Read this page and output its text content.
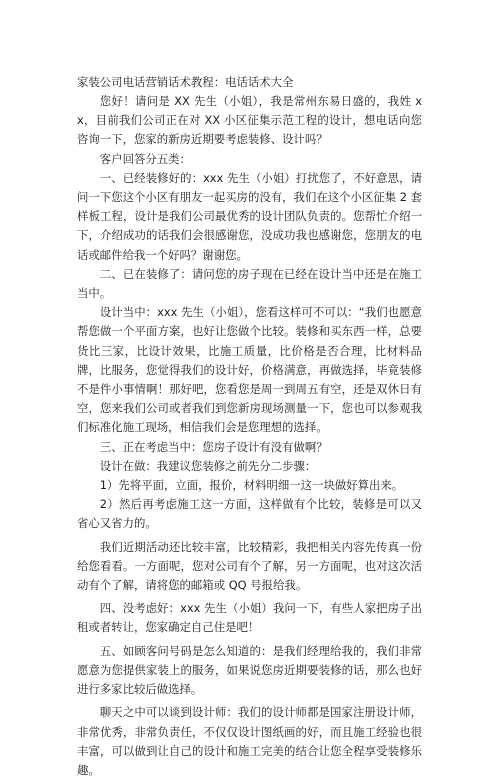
家装公司电话营销话术教程：电话话术大全

您好！请问是 XX 先生（小姐），我是常州东易日盛的，我姓 xx，目前我们公司正在对 XX 小区征集示范工程的设计，想电话向您咨询一下，您家的新房近期要考虑装修、设计吗？

客户回答分五类：

一、已经装修好的：xxx 先生（小姐）打扰您了，不好意思，请问一下您这个小区有朋友一起买房的没有，我们在这个小区征集 2 套样板工程，设计是我们公司最优秀的设计团队负责的。您帮忙介绍一下，介绍成功的话我们会很感谢您，没成功我也感谢您，您朋友的电话或邮件给我一个好吗？谢谢您。

二、已在装修了：请问您的房子现在已经在设计当中还是在施工当中。

设计当中：xxx 先生（小姐），您看这样可不可以：“我们也愿意帮您做一个平面方案，也好让您做个比较。装修和买东西一样，总要货比三家，比设计效果，比施工质量，比价格是否合理，比材料品牌，比服务，您觉得我们的设计好，价格满意，再做选择，毕竟装修不是件小事情啊！那好吧，您看您是周一到周五有空，还是双休日有空，您来我们公司或者我们到您新房现场测量一下，您也可以参观我们标准化施工现场，相信我们会是您理想的选择。

三、正在考虑当中：您房子设计有没有做啊？

设计在做：我建议您装修之前先分二步骤：

1）先将平面，立面，报价，材料明细一这一块做好算出来。

2）然后再考虑施工这一方面，这样做有个比较，装修是可以又省心又省力的。

我们近期活动还比较丰富，比较精彩，我把相关内容先传真一份给您看看。一方面呢，您对公司有个了解，另一方面呢，也对这次活动有个了解，请将您的邮箱或 QQ 号报给我。

四、没考虑好：xxx 先生（小姐）我问一下，有些人家把房子出租或者转让，您家确定自己住是吧！

五、如顾客问号码是怎么知道的：是我们经理给我的，我们非常愿意为您提供家装上的服务，如果说您房近期要装修的话，那么也好进行多家比较后做选择。

聊天之中可以谈到设计师：我们的设计师都是国家注册设计师，非常优秀，非常负责任，不仅仅设计图纸画的好，而且施工经验也很丰富，可以做到让自己的设计和施工完美的结合让您全程享受装修乐趣。
